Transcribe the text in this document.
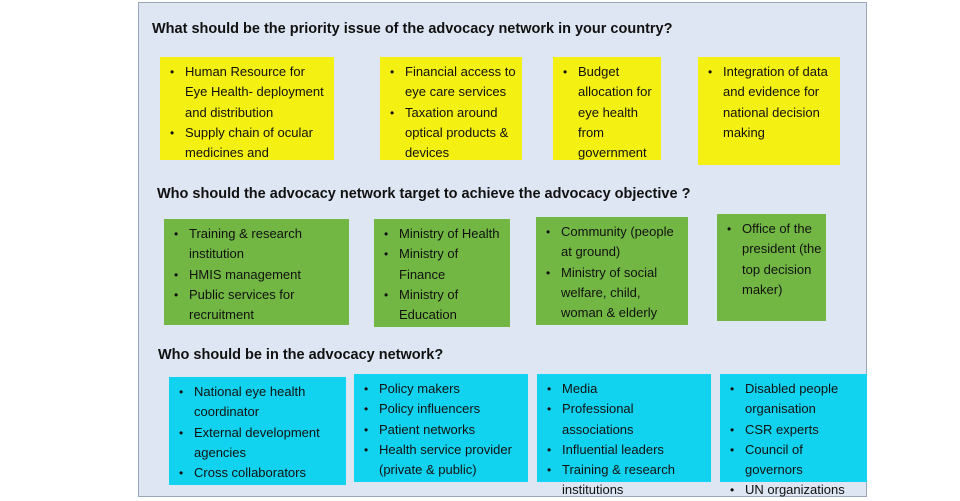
What should be the priority issue of the advocacy network in your country?
• Human Resource for Eye Health- deployment and distribution
• Supply chain of ocular medicines and
• Financial access to eye care services
• Taxation around optical products & devices
• Budget allocation for eye health from government
• Integration of data and evidence for national decision making
Who should the advocacy network target to achieve the advocacy objective ?
• Training & research institution
• HMIS management
• Public services for recruitment
• Ministry of Health
• Ministry of Finance
• Ministry of Education
• Community (people at ground)
• Ministry of social welfare, child, woman & elderly
• Office of the president (the top decision maker)
Who should be in the advocacy network?
• National eye health coordinator
• External development agencies
• Cross collaborators
• Policy makers
• Policy influencers
• Patient networks
• Health service provider (private & public)
• Media
• Professional associations
• Influential leaders
• Training & research institutions
• Disabled people organisation
• CSR experts
• Council of governors
• UN organizations
